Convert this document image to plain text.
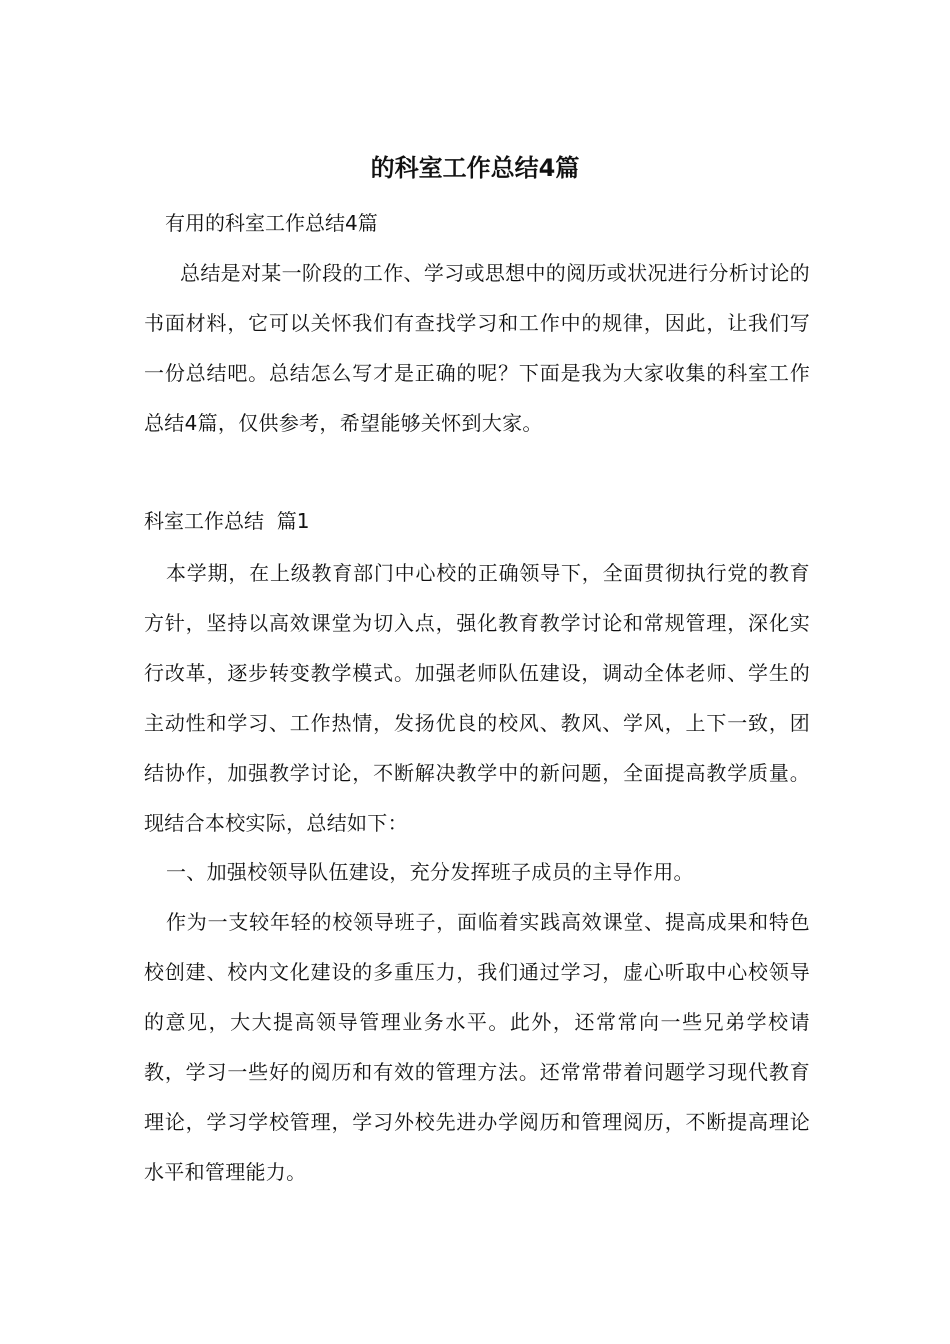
的科室工作总结4篇
有用的科室工作总结4篇
总结是对某一阶段的工作、学习或思想中的阅历或状况进行分析讨论的书面材料，它可以关怀我们有查找学习和工作中的规律，因此，让我们写一份总结吧。总结怎么写才是正确的呢？下面是我为大家收集的科室工作总结4篇，仅供参考，希望能够关怀到大家。
科室工作总结  篇1
本学期，在上级教育部门中心校的正确领导下，全面贯彻执行党的教育方针，坚持以高效课堂为切入点，强化教育教学讨论和常规管理，深化实行改革，逐步转变教学模式。加强老师队伍建设，调动全体老师、学生的主动性和学习、工作热情，发扬优良的校风、教风、学风，上下一致，团结协作，加强教学讨论，不断解决教学中的新问题，全面提高教学质量。现结合本校实际，总结如下：
一、加强校领导队伍建设，充分发挥班子成员的主导作用。
作为一支较年轻的校领导班子，面临着实践高效课堂、提高成果和特色校创建、校内文化建设的多重压力，我们通过学习，虚心听取中心校领导的意见，大大提高领导管理业务水平。此外，还常常向一些兄弟学校请教，学习一些好的阅历和有效的管理方法。还常常带着问题学习现代教育理论，学习学校管理，学习外校先进办学阅历和管理阅历，不断提高理论水平和管理能力。
